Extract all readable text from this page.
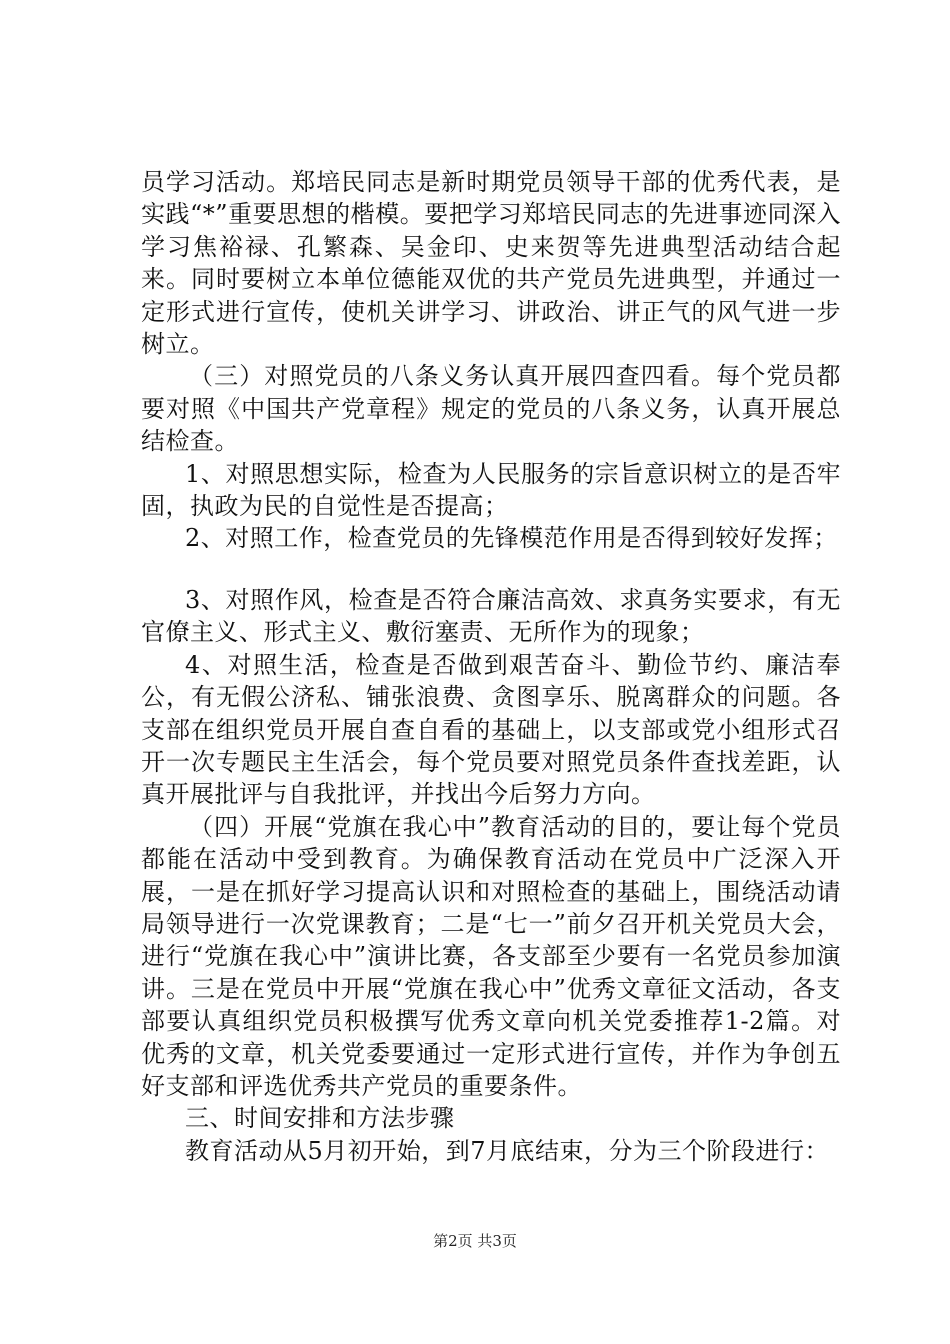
员学习活动。郑培民同志是新时期党员领导干部的优秀代表，是实践“*”重要思想的楷模。要把学习郑培民同志的先进事迹同深入学习焦裕禄、孔繁森、吴金印、史来贺等先进典型活动结合起来。同时要树立本单位德能双优的共产党员先进典型，并通过一定形式进行宣传，使机关讲学习、讲政治、讲正气的风气进一步树立。

（三）对照党员的八条义务认真开展四查四看。每个党员都要对照《中国共产党章程》规定的党员的八条义务，认真开展总结检查。

1、对照思想实际，检查为人民服务的宗旨意识树立的是否牢固，执政为民的自觉性是否提高；

2、对照工作，检查党员的先锋模范作用是否得到较好发挥；

3、对照作风，检查是否符合廉洁高效、求真务实要求，有无官僚主义、形式主义、敷衍塞责、无所作为的现象；

4、对照生活，检查是否做到艰苦奋斗、勤俭节约、廉洁奉公，有无假公济私、铺张浪费、贪图享乐、脱离群众的问题。各支部在组织党员开展自查自看的基础上，以支部或党小组形式召开一次专题民主生活会，每个党员要对照党员条件查找差距，认真开展批评与自我批评，并找出今后努力方向。

（四）开展“党旗在我心中”教育活动的目的，要让每个党员都能在活动中受到教育。为确保教育活动在党员中广泛深入开展，一是在抓好学习提高认识和对照检查的基础上，围绕活动请局领导进行一次党课教育；二是“七一”前夕召开机关党员大会，进行“党旗在我心中”演讲比赛，各支部至少要有一名党员参加演讲。三是在党员中开展“党旗在我心中”优秀文章征文活动，各支部要认真组织党员积极撰写优秀文章向机关党委推荐1-2篇。对优秀的文章，机关党委要通过一定形式进行宣传，并作为争创五好支部和评选优秀共产党员的重要条件。

三、时间安排和方法步骤

教育活动从5月初开始，到7月底结束，分为三个阶段进行：

第2页 共3页
